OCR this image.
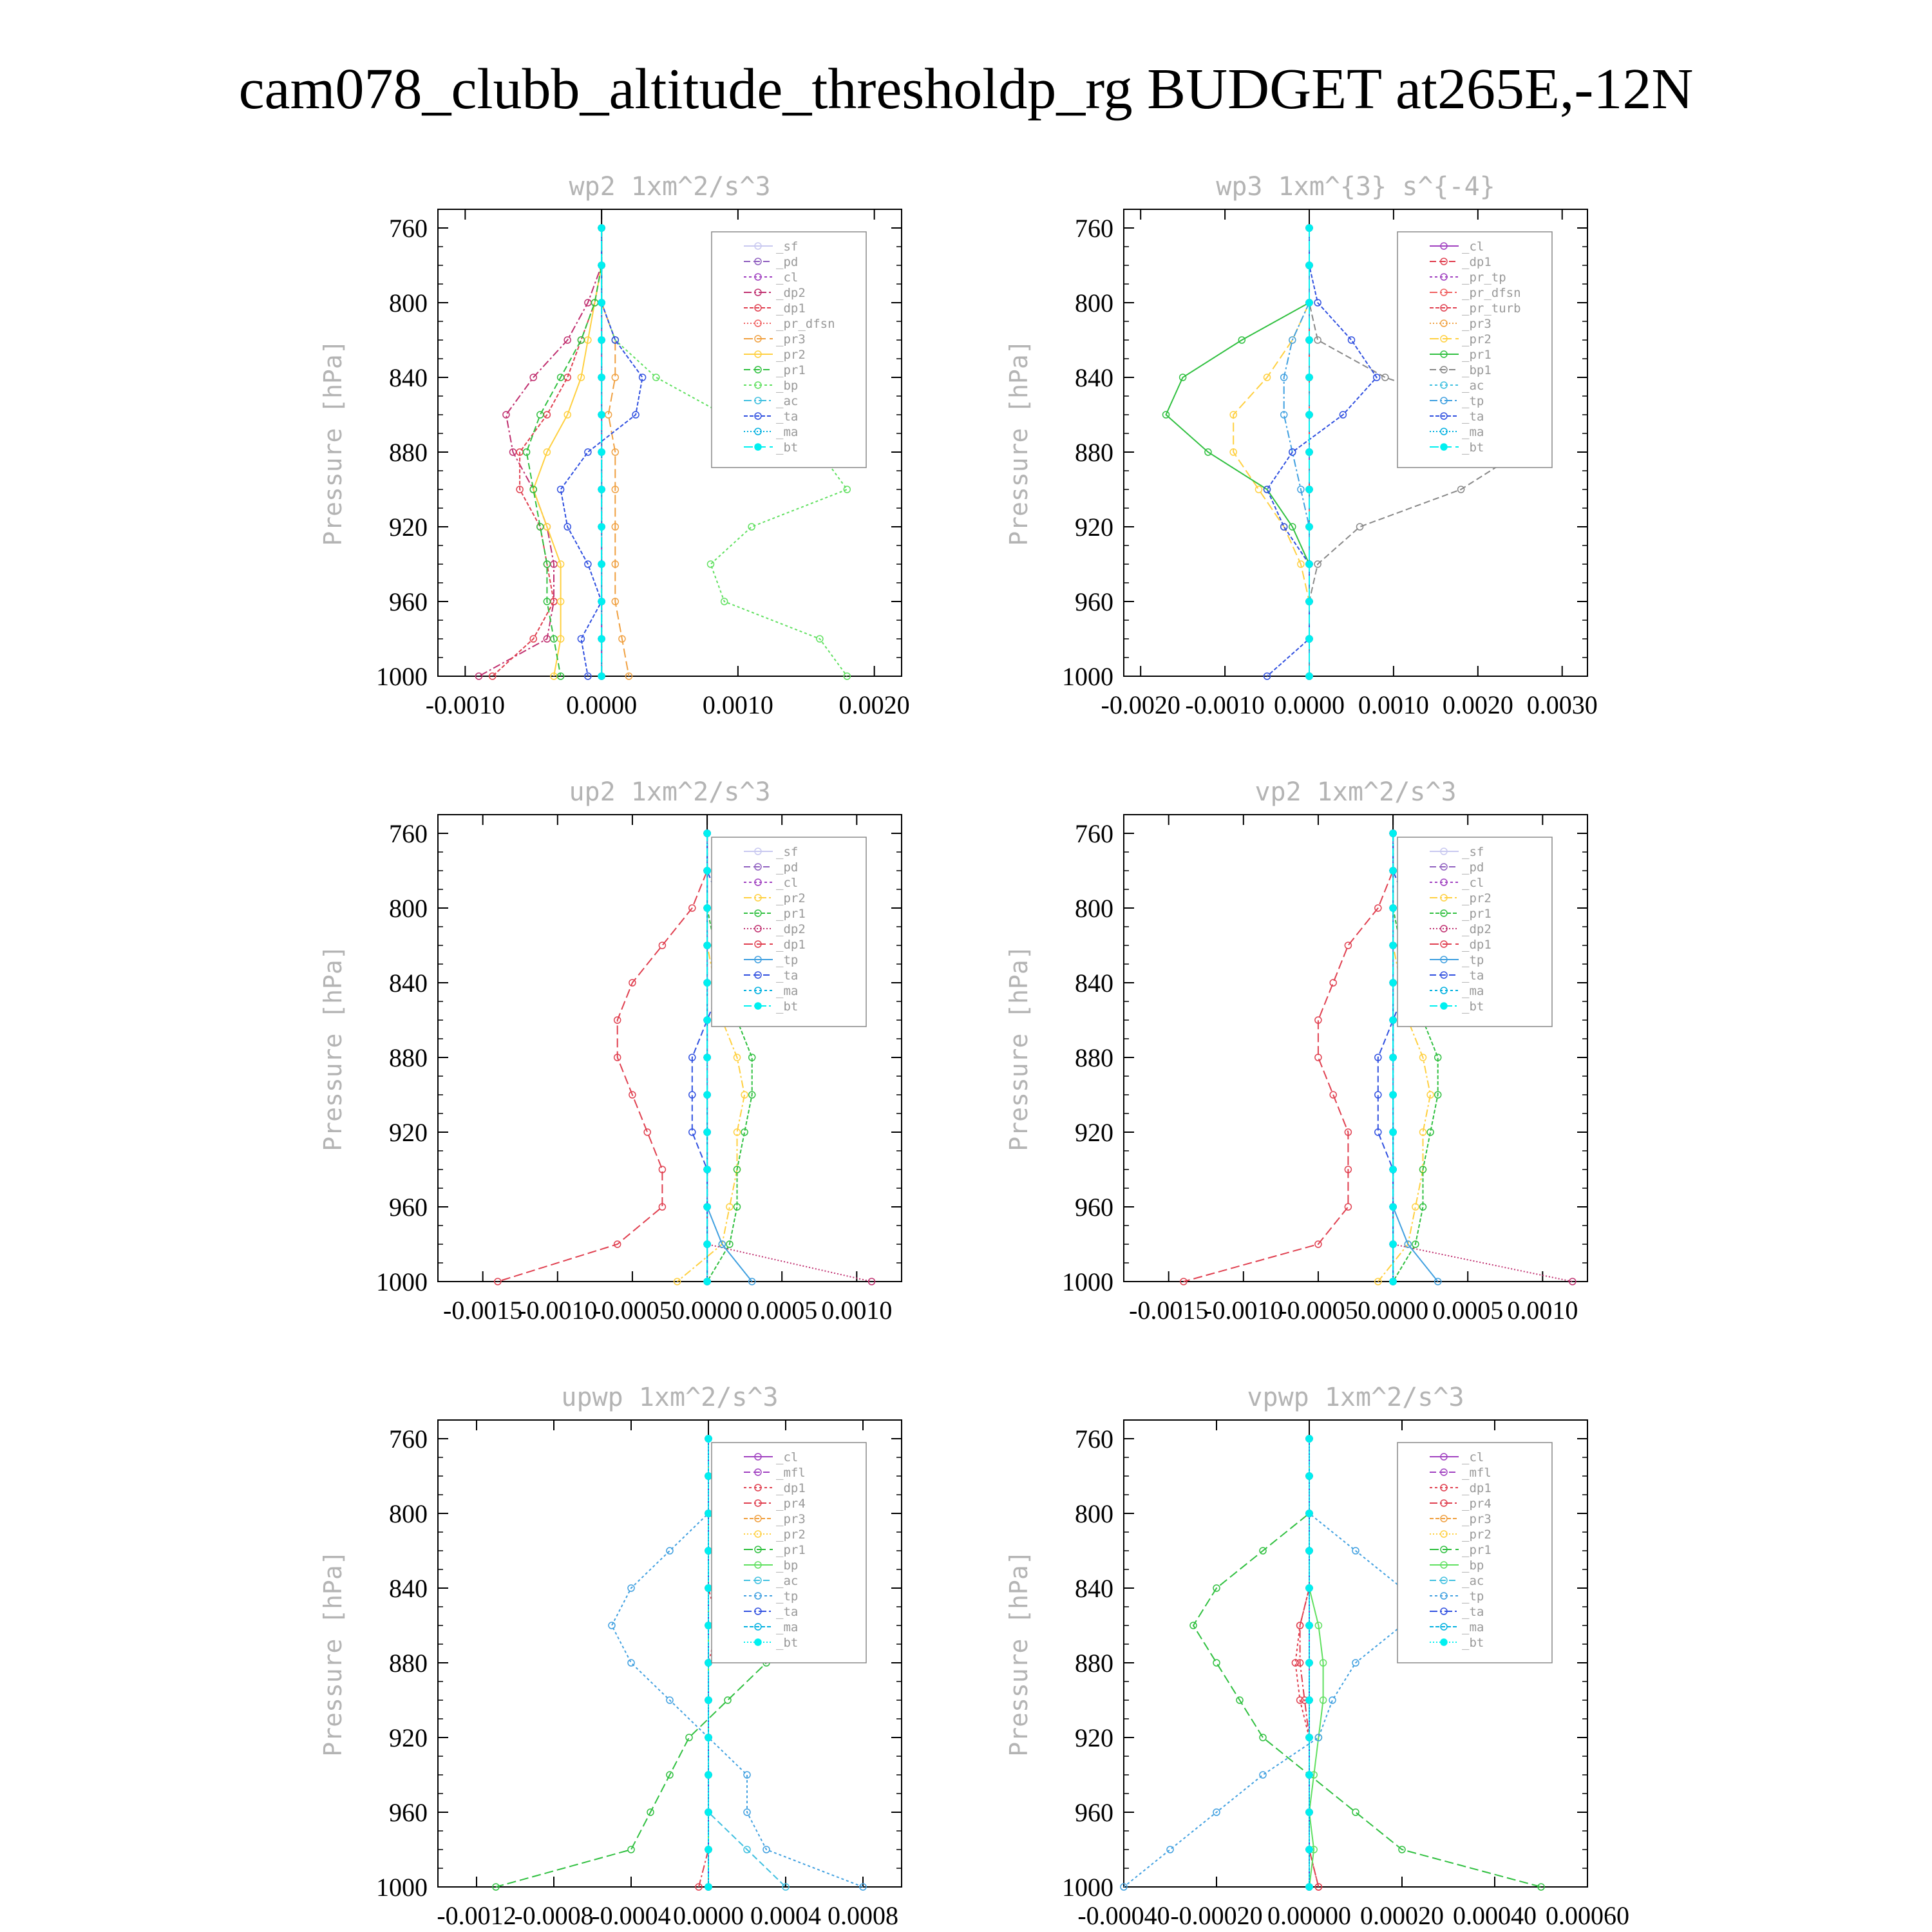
cam078_clubb_altitude_thresholdp_rg BUDGET at265E,-12N
wp2 1xm^2/s^3
Pressure [hPa]
760
800
840
880
920
960
1000
-0.0010 0.0000	0.0010	0.0020
_sf
_pd
_cl
_dp2
_dp1
_pr_dfsn
_pr3
_pr2
_pr1
_bp
_ac
_ta
_ma
_bt
wp3 1xm^{3} s^{-4}
Pressure [hPa]
760
800
840
880
920
960
1000
-0.0020 -0.0010 0.0000 0.0010 0.0020 0.0030
_cl
_dp1
_pr_tp
_pr_dfsn
_pr_turb
_pr3
_pr2
_pr1
_bp1
_ac
_tp
_ta
_ma
_bt
up2 1xm^2/s^3
Pressure [hPa]
760
800
840
880
920
960
1000
-0.0015
-0.0010
-0.0005 0.0000 0.0005 0.0010
_sf
_pd
_cl
_pr2
_pr1
_dp2
_dp1
_tp
_ta
_ma
_bt
vp2 1xm^2/s^3
Pressure [hPa]
760
800
840
880
920
960
1000
-0.0015
-0.0010
-0.0005 0.0000 0.0005 0.0010
_sf
_pd
_cl
_pr2
_pr1
_dp2
_dp1
_tp
_ta
_ma
_bt
upwp 1xm^2/s^3
Pressure [hPa]
760
800
840
880
920
960
1000
-0.0012
-0.0008
-0.0004 0.0000 0.0004 0.0008
_cl
_mfl
_dp1
_pr4
_pr3
_pr2
_pr1
_bp
_ac
_tp
_ta
_ma
_bt
vpwp 1xm^2/s^3
Pressure [hPa]
760
800
840
880
920
960
1000
-0.00040 -0.00020 0.00000 0.00020 0.00040 0.00060
_cl
_mfl
_dp1
_pr4
_pr3
_pr2
_pr1
_bp
_ac
_tp
_ta
_ma
_bt
